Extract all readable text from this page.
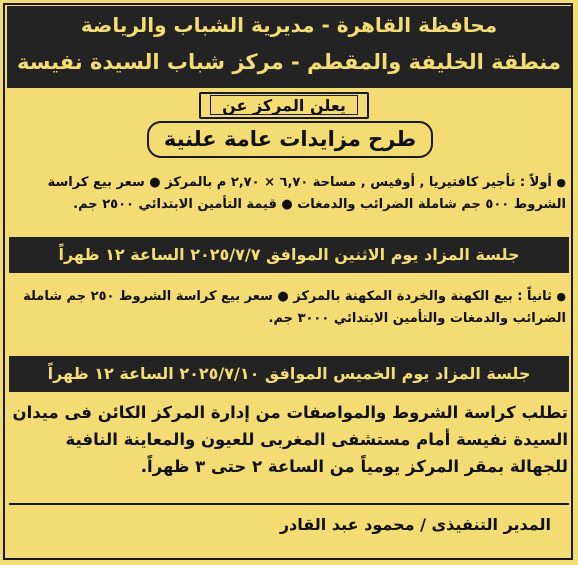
محافظة القاهرة - مديرية الشباب والرياضة
منطقة الخليفة والمقطم - مركز شباب السيدة نفيسة
يعلن المركز عن
طرح مزايدات عامة علنية
● أولاً : تأجير كافتيريا , أوفيس , مساحة ٦,٧٠ × ٢,٧٠ م بالمركز ● سعر بيع كراسة الشروط ٥٠٠ جم شاملة الضرائب والدمغات ● قيمة التأمين الابتدائي ٢٥٠٠ جم.
جلسة المزاد يوم الاثنين الموافق ٢٠٢٥/٧/٧ الساعة ١٢ ظهراً
● ثانياً : بيع الكهنة والخردة المكهنة بالمركز ● سعر بيع كراسة الشروط ٢٥٠ جم شاملة الضرائب والدمغات والتأمين الابتدائي ٣٠٠٠ جم.
جلسة المزاد يوم الخميس الموافق ٢٠٢٥/٧/١٠ الساعة ١٢ ظهراً
تطلب كراسة الشروط والمواصفات من إدارة المركز الكائن فى ميدان السيدة نفيسة أمام مستشفى المغربى للعيون والمعاينة النافية للجهالة بمقر المركز يومياً من الساعة ٢ حتى ٣ ظهراً.
المدير التنفيذى / محمود عبد القادر
